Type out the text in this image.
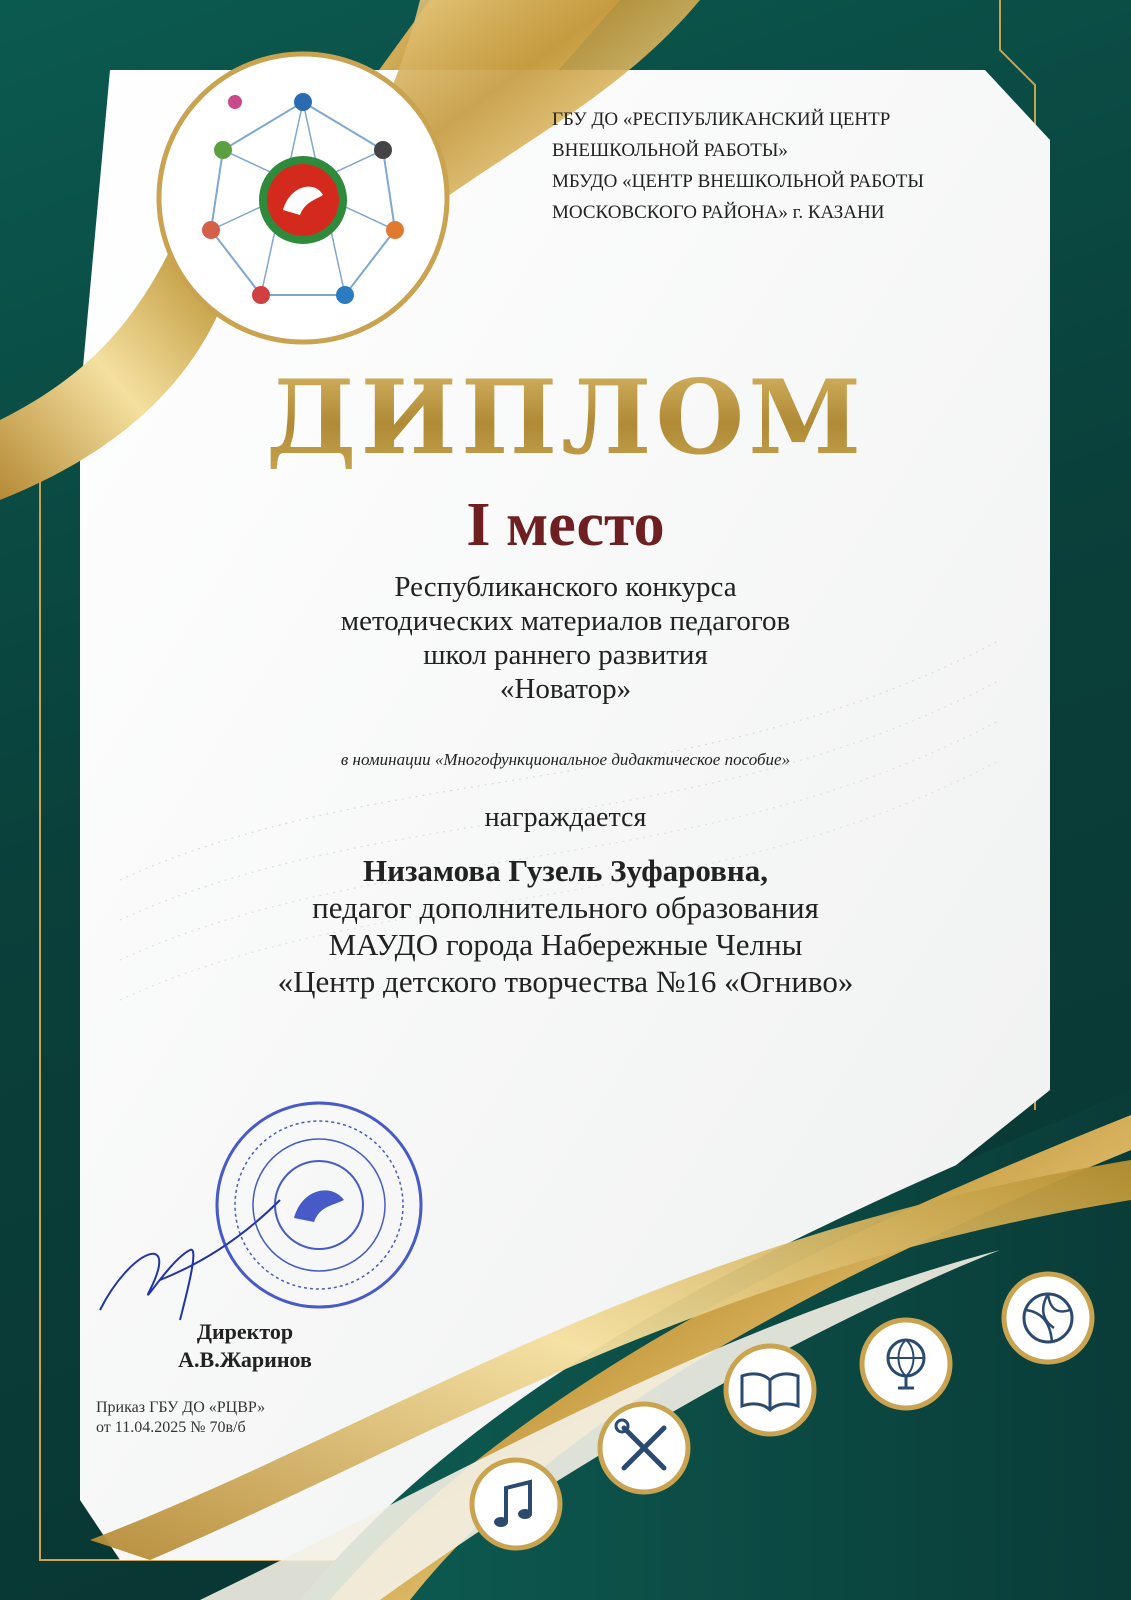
ГБУ ДО «РЕСПУБЛИКАНСКИЙ ЦЕНТР
ВНЕШКОЛЬНОЙ РАБОТЫ»
МБУДО «ЦЕНТР ВНЕШКОЛЬНОЙ РАБОТЫ
МОСКОВСКОГО РАЙОНА» г. КАЗАНИ
ДИПЛОМ
I место
Республиканского конкурса
методических материалов педагогов
школ раннего развития
«Новатор»
в номинации «Многофункциональное дидактическое пособие»
награждается
Низамова Гузель Зуфаровна,
педагог дополнительного образования
МАУДО города Набережные Челны
«Центр детского творчества №16 «Огниво»
Директор
А.В.Жаринов
Приказ ГБУ ДО «РЦВР»
от 11.04.2025 № 70в/б
